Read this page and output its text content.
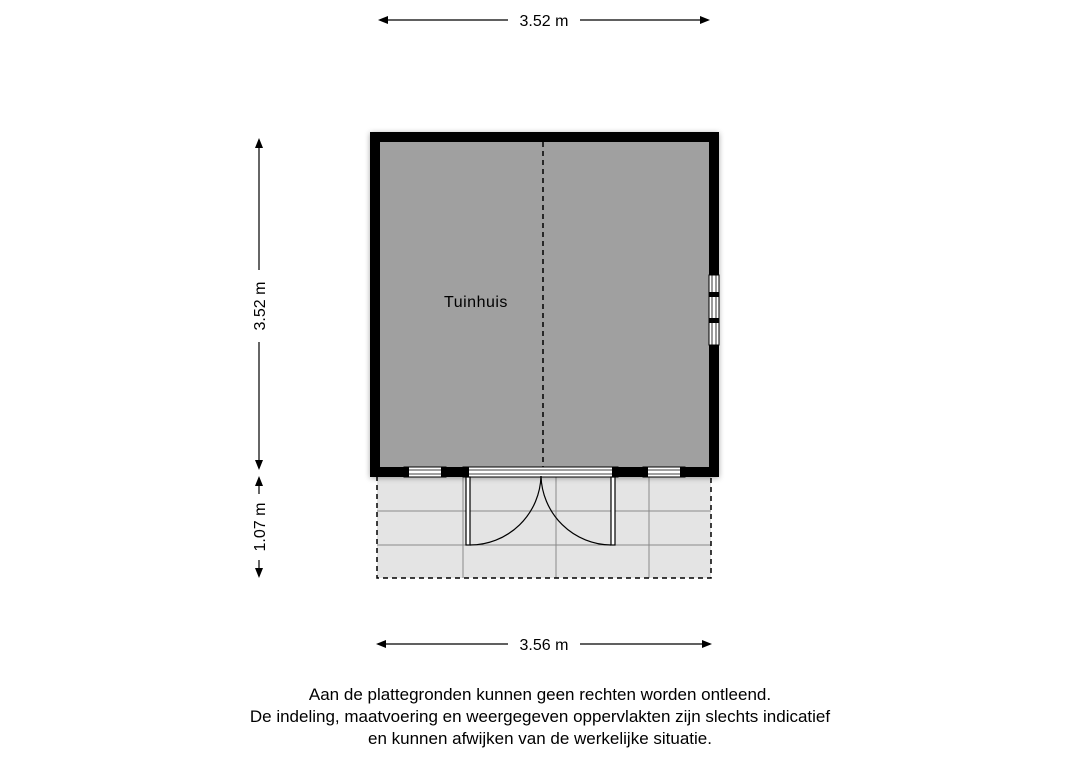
Tuinhuis
3.52 m
3.52 m
1.07 m
3.56 m
Aan de plattegronden kunnen geen rechten worden ontleend.
De indeling, maatvoering en weergegeven oppervlakten zijn slechts indicatief
en kunnen afwijken van de werkelijke situatie.
